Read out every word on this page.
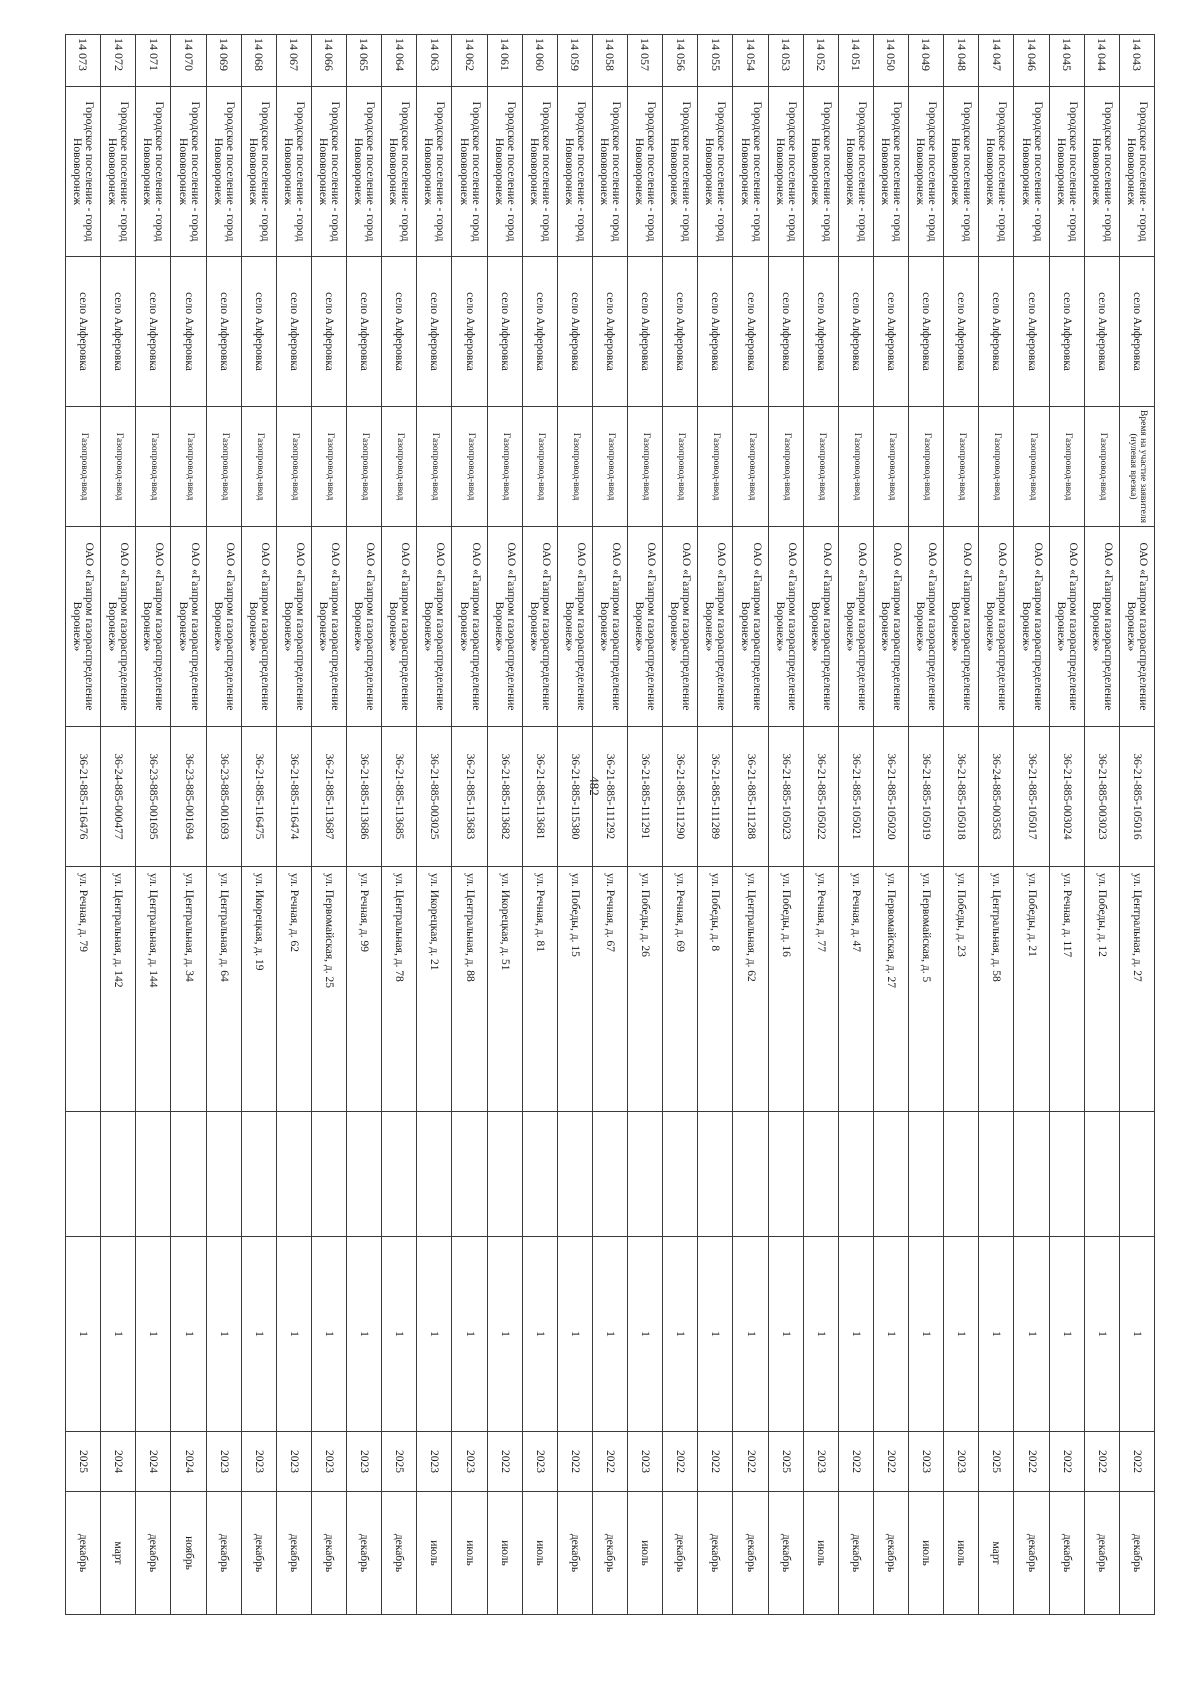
482
14 043	Городское поселение - город Нововоронеж	село Алферовка	Время на участие заявителя (нулевая врезка)	ОАО «Газпром газораспределение Воронеж»	36-21-885-105016	ул. Центральная, д. 27		1	2022	декабрь
14 044	Городское поселение - город Нововоронеж	село Алферовка	Газопровод-ввод	ОАО «Газпром газораспределение Воронеж»	36-21-885-003023	ул. Победы, д. 12		1	2022	декабрь
14 045	Городское поселение - город Нововоронеж	село Алферовка	Газопровод-ввод	ОАО «Газпром газораспределение Воронеж»	36-21-885-003024	ул. Речная, д. 117		1	2022	декабрь
14 046	Городское поселение - город Нововоронеж	село Алферовка	Газопровод-ввод	ОАО «Газпром газораспределение Воронеж»	36-21-885-105017	ул. Победы, д. 21		1	2022	декабрь
14 047	Городское поселение - город Нововоронеж	село Алферовка	Газопровод-ввод	ОАО «Газпром газораспределение Воронеж»	36-24-885-003563	ул. Центральная, д. 58		1	2025	март
14 048	Городское поселение - город Нововоронеж	село Алферовка	Газопровод-ввод	ОАО «Газпром газораспределение Воронеж»	36-21-885-105018	ул. Победы, д. 23		1	2023	июль
14 049	Городское поселение - город Нововоронеж	село Алферовка	Газопровод-ввод	ОАО «Газпром газораспределение Воронеж»	36-21-885-105019	ул. Первомайская, д. 5		1	2023	июль
14 050	Городское поселение - город Нововоронеж	село Алферовка	Газопровод-ввод	ОАО «Газпром газораспределение Воронеж»	36-21-885-105020	ул. Первомайская, д. 27		1	2022	декабрь
14 051	Городское поселение - город Нововоронеж	село Алферовка	Газопровод-ввод	ОАО «Газпром газораспределение Воронеж»	36-21-885-105021	ул. Речная, д. 47		1	2022	декабрь
14 052	Городское поселение - город Нововоронеж	село Алферовка	Газопровод-ввод	ОАО «Газпром газораспределение Воронеж»	36-21-885-105022	ул. Речная, д. 77		1	2023	июль
14 053	Городское поселение - город Нововоронеж	село Алферовка	Газопровод-ввод	ОАО «Газпром газораспределение Воронеж»	36-21-885-105023	ул. Победы, д. 16		1	2025	декабрь
14 054	Городское поселение - город Нововоронеж	село Алферовка	Газопровод-ввод	ОАО «Газпром газораспределение Воронеж»	36-21-885-111288	ул. Центральная, д. 62		1	2022	декабрь
14 055	Городское поселение - город Нововоронеж	село Алферовка	Газопровод-ввод	ОАО «Газпром газораспределение Воронеж»	36-21-885-111289	ул. Победы, д. 8		1	2022	декабрь
14 056	Городское поселение - город Нововоронеж	село Алферовка	Газопровод-ввод	ОАО «Газпром газораспределение Воронеж»	36-21-885-111290	ул. Речная, д. 69		1	2022	декабрь
14 057	Городское поселение - город Нововоронеж	село Алферовка	Газопровод-ввод	ОАО «Газпром газораспределение Воронеж»	36-21-885-111291	ул. Победы, д. 26		1	2023	июль
14 058	Городское поселение - город Нововоронеж	село Алферовка	Газопровод-ввод	ОАО «Газпром газораспределение Воронеж»	36-21-885-111292	ул. Речная, д. 67		1	2022	декабрь
14 059	Городское поселение - город Нововоронеж	село Алферовка	Газопровод-ввод	ОАО «Газпром газораспределение Воронеж»	36-21-885-115380	ул. Победы, д. 15		1	2022	декабрь
14 060	Городское поселение - город Нововоронеж	село Алферовка	Газопровод-ввод	ОАО «Газпром газораспределение Воронеж»	36-21-885-113681	ул. Речная, д. 81		1	2023	июль
14 061	Городское поселение - город Нововоронеж	село Алферовка	Газопровод-ввод	ОАО «Газпром газораспределение Воронеж»	36-21-885-113682	ул. Икорецкая, д. 51		1	2022	июль
14 062	Городское поселение - город Нововоронеж	село Алферовка	Газопровод-ввод	ОАО «Газпром газораспределение Воронеж»	36-21-885-113683	ул. Центральная, д. 88		1	2023	июль
14 063	Городское поселение - город Нововоронеж	село Алферовка	Газопровод-ввод	ОАО «Газпром газораспределение Воронеж»	36-21-885-003025	ул. Икорецкая, д. 21		1	2023	июль
14 064	Городское поселение - город Нововоронеж	село Алферовка	Газопровод-ввод	ОАО «Газпром газораспределение Воронеж»	36-21-885-113685	ул. Центральная, д. 78		1	2025	декабрь
14 065	Городское поселение - город Нововоронеж	село Алферовка	Газопровод-ввод	ОАО «Газпром газораспределение Воронеж»	36-21-885-113686	ул. Речная, д. 99		1	2023	декабрь
14 066	Городское поселение - город Нововоронеж	село Алферовка	Газопровод-ввод	ОАО «Газпром газораспределение Воронеж»	36-21-885-113687	ул. Первомайская, д. 25		1	2023	декабрь
14 067	Городское поселение - город Нововоронеж	село Алферовка	Газопровод-ввод	ОАО «Газпром газораспределение Воронеж»	36-21-885-116474	ул. Речная, д. 62		1	2023	декабрь
14 068	Городское поселение - город Нововоронеж	село Алферовка	Газопровод-ввод	ОАО «Газпром газораспределение Воронеж»	36-21-885-116475	ул. Икорецкая, д. 19		1	2023	декабрь
14 069	Городское поселение - город Нововоронеж	село Алферовка	Газопровод-ввод	ОАО «Газпром газораспределение Воронеж»	36-23-885-001693	ул. Центральная, д. 64		1	2023	декабрь
14 070	Городское поселение - город Нововоронеж	село Алферовка	Газопровод-ввод	ОАО «Газпром газораспределение Воронеж»	36-23-885-001694	ул. Центральная, д. 34		1	2024	ноябрь
14 071	Городское поселение - город Нововоронеж	село Алферовка	Газопровод-ввод	ОАО «Газпром газораспределение Воронеж»	36-23-885-001695	ул. Центральная, д. 144		1	2024	декабрь
14 072	Городское поселение - город Нововоронеж	село Алферовка	Газопровод-ввод	ОАО «Газпром газораспределение Воронеж»	36-24-885-000477	ул. Центральная, д. 142		1	2024	март
14 073	Городское поселение - город Нововоронеж	село Алферовка	Газопровод-ввод	ОАО «Газпром газораспределение Воронеж»	36-21-885-116476	ул. Речная, д. 79		1	2025	декабрь
